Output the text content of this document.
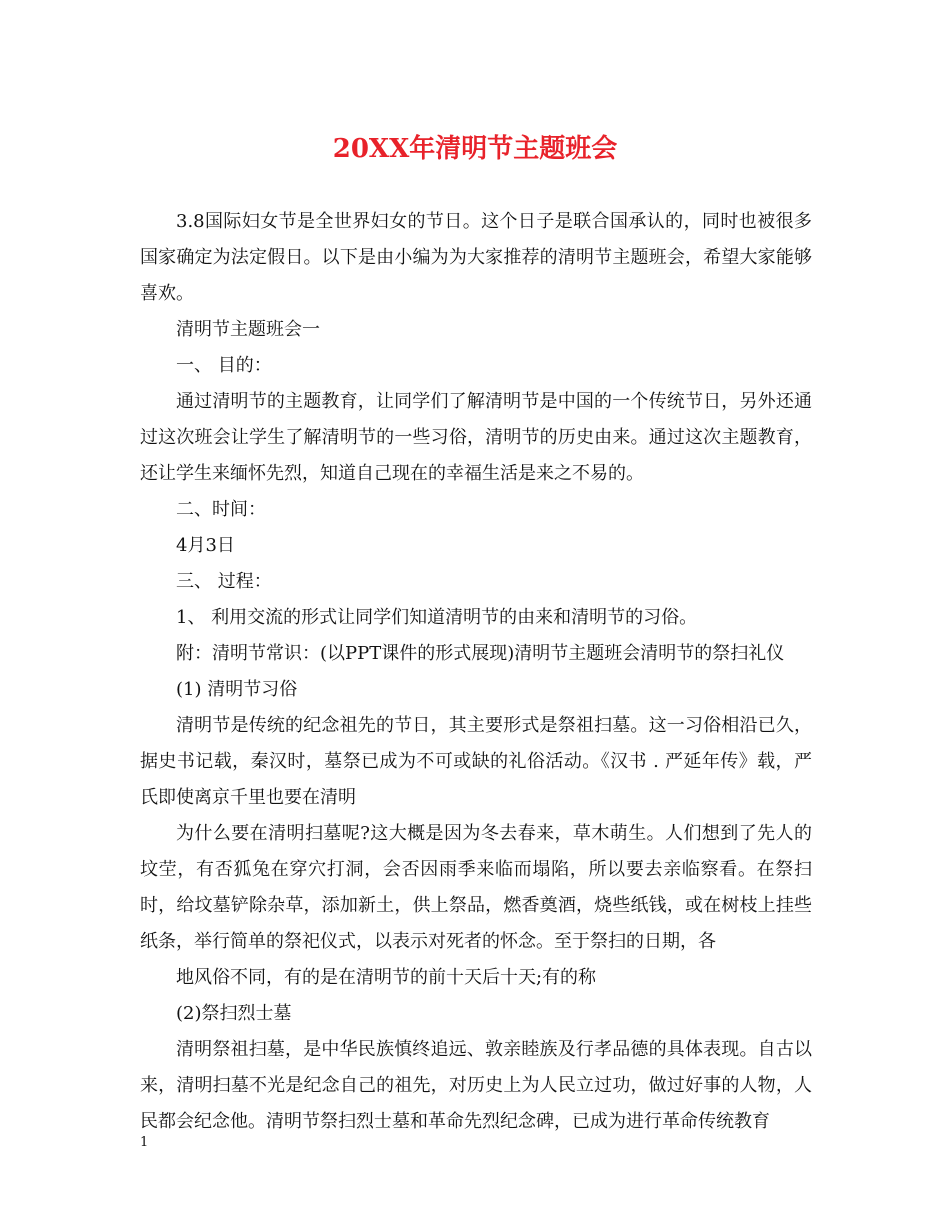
20XX年清明节主题班会

3.8国际妇女节是全世界妇女的节日。这个日子是联合国承认的，同时也被很多国家确定为法定假日。以下是由小编为为大家推荐的清明节主题班会，希望大家能够喜欢。

清明节主题班会一

一、 目的：

通过清明节的主题教育，让同学们了解清明节是中国的一个传统节日，另外还通过这次班会让学生了解清明节的一些习俗，清明节的历史由来。通过这次主题教育，还让学生来缅怀先烈，知道自己现在的幸福生活是来之不易的。

二、时间：

4月3日

三、 过程：

1、 利用交流的形式让同学们知道清明节的由来和清明节的习俗。

附：清明节常识：(以PPT课件的形式展现)清明节主题班会清明节的祭扫礼仪

(1) 清明节习俗

清明节是传统的纪念祖先的节日，其主要形式是祭祖扫墓。这一习俗相沿已久，据史书记载，秦汉时，墓祭已成为不可或缺的礼俗活动。《汉书 . 严延年传》载，严氏即使离京千里也要在清明

为什么要在清明扫墓呢?这大概是因为冬去春来，草木萌生。人们想到了先人的坟茔，有否狐兔在穿穴打洞，会否因雨季来临而塌陷，所以要去亲临察看。在祭扫时，给坟墓铲除杂草，添加新土，供上祭品，燃香奠酒，烧些纸钱，或在树枝上挂些纸条，举行简单的祭祀仪式，以表示对死者的怀念。至于祭扫的日期，各

地风俗不同，有的是在清明节的前十天后十天;有的称

(2)祭扫烈士墓

清明祭祖扫墓，是中华民族慎终追远、敦亲睦族及行孝品德的具体表现。自古以来，清明扫墓不光是纪念自己的祖先，对历史上为人民立过功，做过好事的人物，人民都会纪念他。清明节祭扫烈士墓和革命先烈纪念碑，已成为进行革命传统教育

1
